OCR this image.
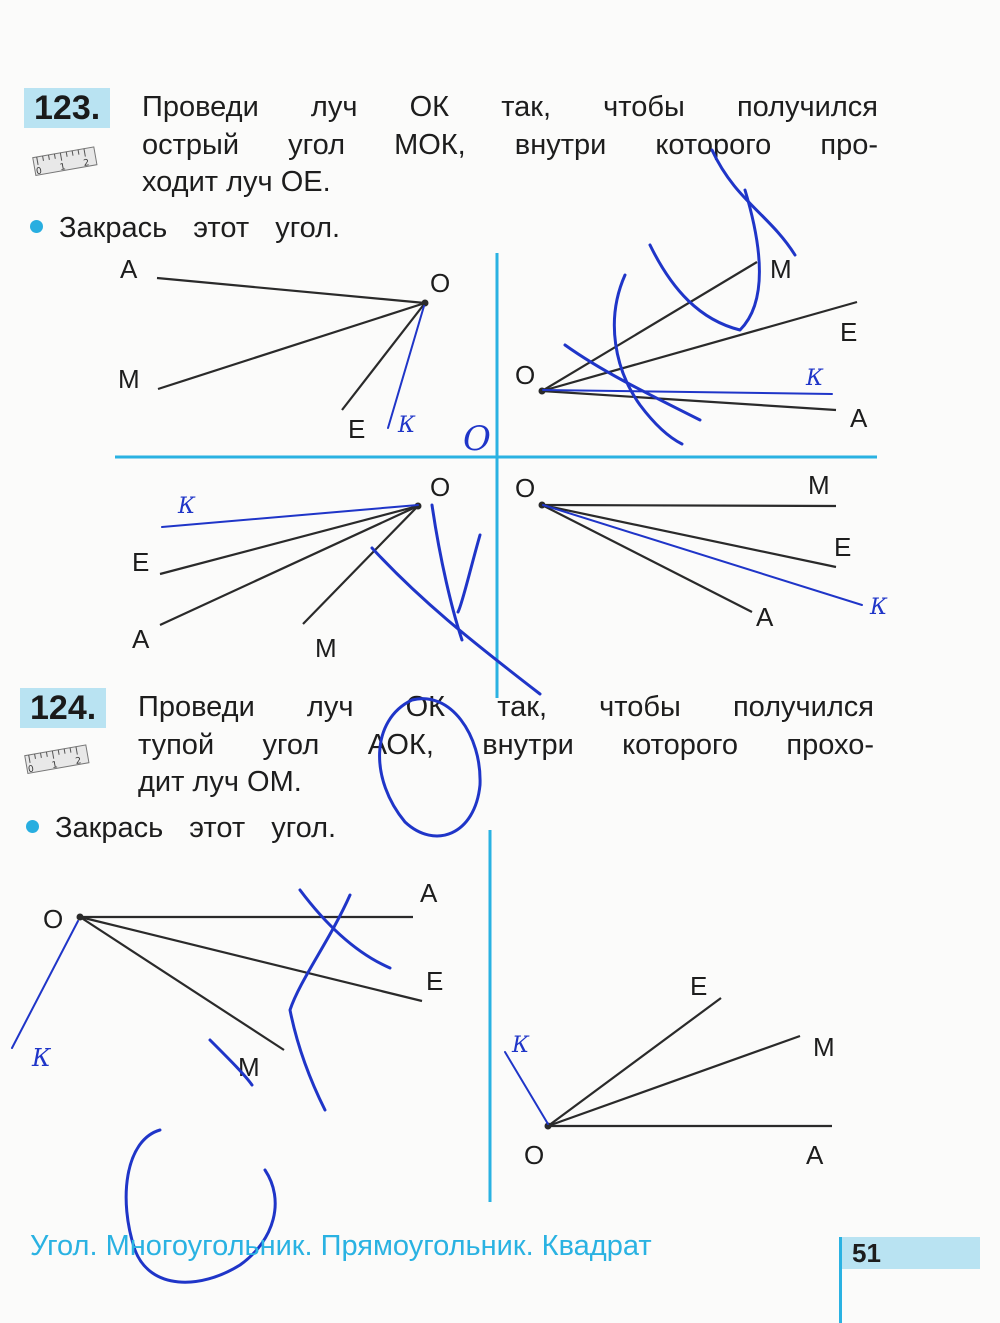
123.
0 1 2
Проведи луч ОК так, чтобы получился
острый угол МОК, внутри которого про-
ходит луч ОЕ.
Закрась этот угол.
124.
0 1 2
Проведи луч ОК так, чтобы получился
тупой угол АОК, внутри которого прохо-
дит луч ОМ.
Закрась этот угол.
А	О
М
Е
М
Е
О
А
О
Е
А	М
О	М
Е
А
О
А
Е
М
Е
М
О	А
К
К
О
К
К
К	К
Угол. Многоугольник. Прямоугольник. Квадрат	51
